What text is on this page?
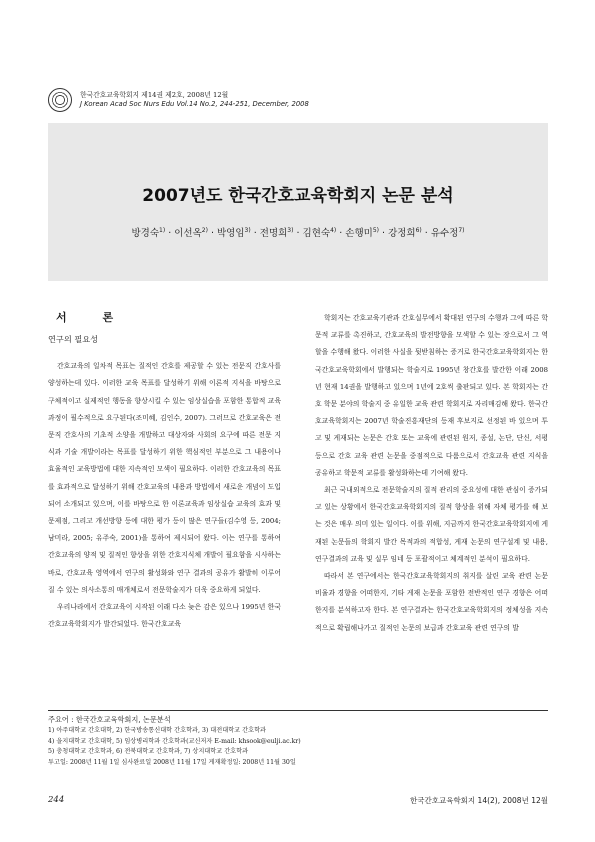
한국간호교육학회지 제14권 제2호, 2008년 12월
J Korean Acad Soc Nurs Edu Vol.14 No.2, 244-251, December, 2008
2007년도 한국간호교육학회지 논문 분석
방경숙$^{1)}$ · 이선옥$^{2)}$ · 박영임$^{3)}$ · 전명희$^{3)}$ · 김현숙$^{4)}$ · 손행미$^{5)}$ · 강정희$^{6)}$ · 유수정$^{7)}$
서 론
연구의 필요성

간호교육의 일차적 목표는 질적인 간호를 제공할 수 있는 전문직 간호사를 양성하는데 있다. 이러한 교육 목표를 달성하기 위해 이론적 지식을 바탕으로 구체적이고 실제적인 행동을 향상시킬 수 있는 임상실습을 포함한 통합적 교육과정이 필수적으로 요구된다(조미혜, 김인수, 2007). 그러므로 간호교육은 전문직 간호사의 기초적 소양을 개발하고 대상자와 사회의 요구에 따른 전문 지식과 기술 개발이라는 목표를 달성하기 위한 핵심적인 부분으로 그 내용이나 효율적인 교육방법에 대한 지속적인 모색이 필요하다. 이러한 간호교육의 목표를 효과적으로 달성하기 위해 간호교육의 내용과 방법에서 새로운 개념이 도입되어 소개되고 있으며, 이를 바탕으로 한 이론교육과 임상실습 교육의 효과 및 문제점, 그리고 개선방향 등에 대한 평가 등이 많은 연구들(김수영 등, 2004; 남미라, 2005; 유주숙, 2001)을 통하여 제시되어 왔다. 이는 연구를 통하여 간호교육의 양적 및 질적인 향상을 위한 간호지식체 개발이 필요함을 시사하는 바로, 간호교육 영역에서 연구의 활성화와 연구 결과의 공유가 활발히 이루어 질 수 있는 의사소통의 매개체로서 전문학술지가 더욱 중요하게 되었다.

우리나라에서 간호교육이 시작된 이래 다소 늦은 감은 있으나 1995년 한국간호교육학회지가 발간되었다. 한국간호교육

학회지는 간호교육기관과 간호실무에서 확대된 연구의 수행과 그에 따른 학문적 교류를 촉진하고, 간호교육의 발전방향을 모색할 수 있는 장으로서 그 역할을 수행해 왔다. 이러한 사실을 뒷받침하는 증거로 한국간호교육학회지는 한국간호교육학회에서 발행되는 학술지로 1995년 창간호를 발간한 이래 2008년 현재 14권을 발행하고 있으며 1년에 2호씩 출판되고 있다. 본 학회지는 간호 학문 분야의 학술지 중 유일한 교육 관련 학회지로 자리매김해 왔다. 한국간호교육학회지는 2007년 학술진흥재단의 등재 후보지로 선정된 바 있으며 투고 및 게재되는 논문은 간호 또는 교육에 관련된 원저, 종설, 논단, 단신, 서평 등으로 간호 교육 관련 논문을 중점적으로 다룸으로서 간호교육 관련 지식을 공유하고 학문적 교류를 활성화하는데 기여해 왔다.

최근 국내외적으로 전문학술지의 질적 관리의 중요성에 대한 관심이 증가되고 있는 상황에서 한국간호교육학회지의 질적 향상을 위해 자체 평가를 해 보는 것은 매우 의미 있는 일이다. 이를 위해, 지금까지 한국간호교육학회지에 게재된 논문들의 학회지 발간 목적과의 적합성, 게재 논문의 연구설계 및 내용, 연구결과의 교육 및 실무 임네 등 포괄적이고 체계적인 분석이 필요하다.

따라서 본 연구에서는 한국간호교육학회지의 취지를 살린 교육 관련 논문 비율과 경향을 어떠한지, 기타 게재 논문을 포함한 전반적인 연구 경향은 어떠한지를 분석하고자 한다. 본 연구결과는 한국간호교육학회지의 정체성을 지속적으로 확립해나가고 질적인 논문의 보급과 간호교육 관련 연구의 발

주요어 : 한국간호교육학회지, 논문분석
1) 아주대학교 간호대학, 2) 한국방송통신대학 간호학과, 3) 대전대학교 간호학과
4) 을지대학교 간호대학, 5) 임상병리학과 간호학과(교신저자 E-mail: khsook@eulji.ac.kr)
5) 충청대학교 간호학과, 6) 전북대학교 간호학과, 7) 상지대학교 간호학과
투고일: 2008년 11월 1일 심사완료일 2008년 11월 17일 게재확정일: 2008년 11월 30일
244	한국간호교육학회지 14(2), 2008년 12월
